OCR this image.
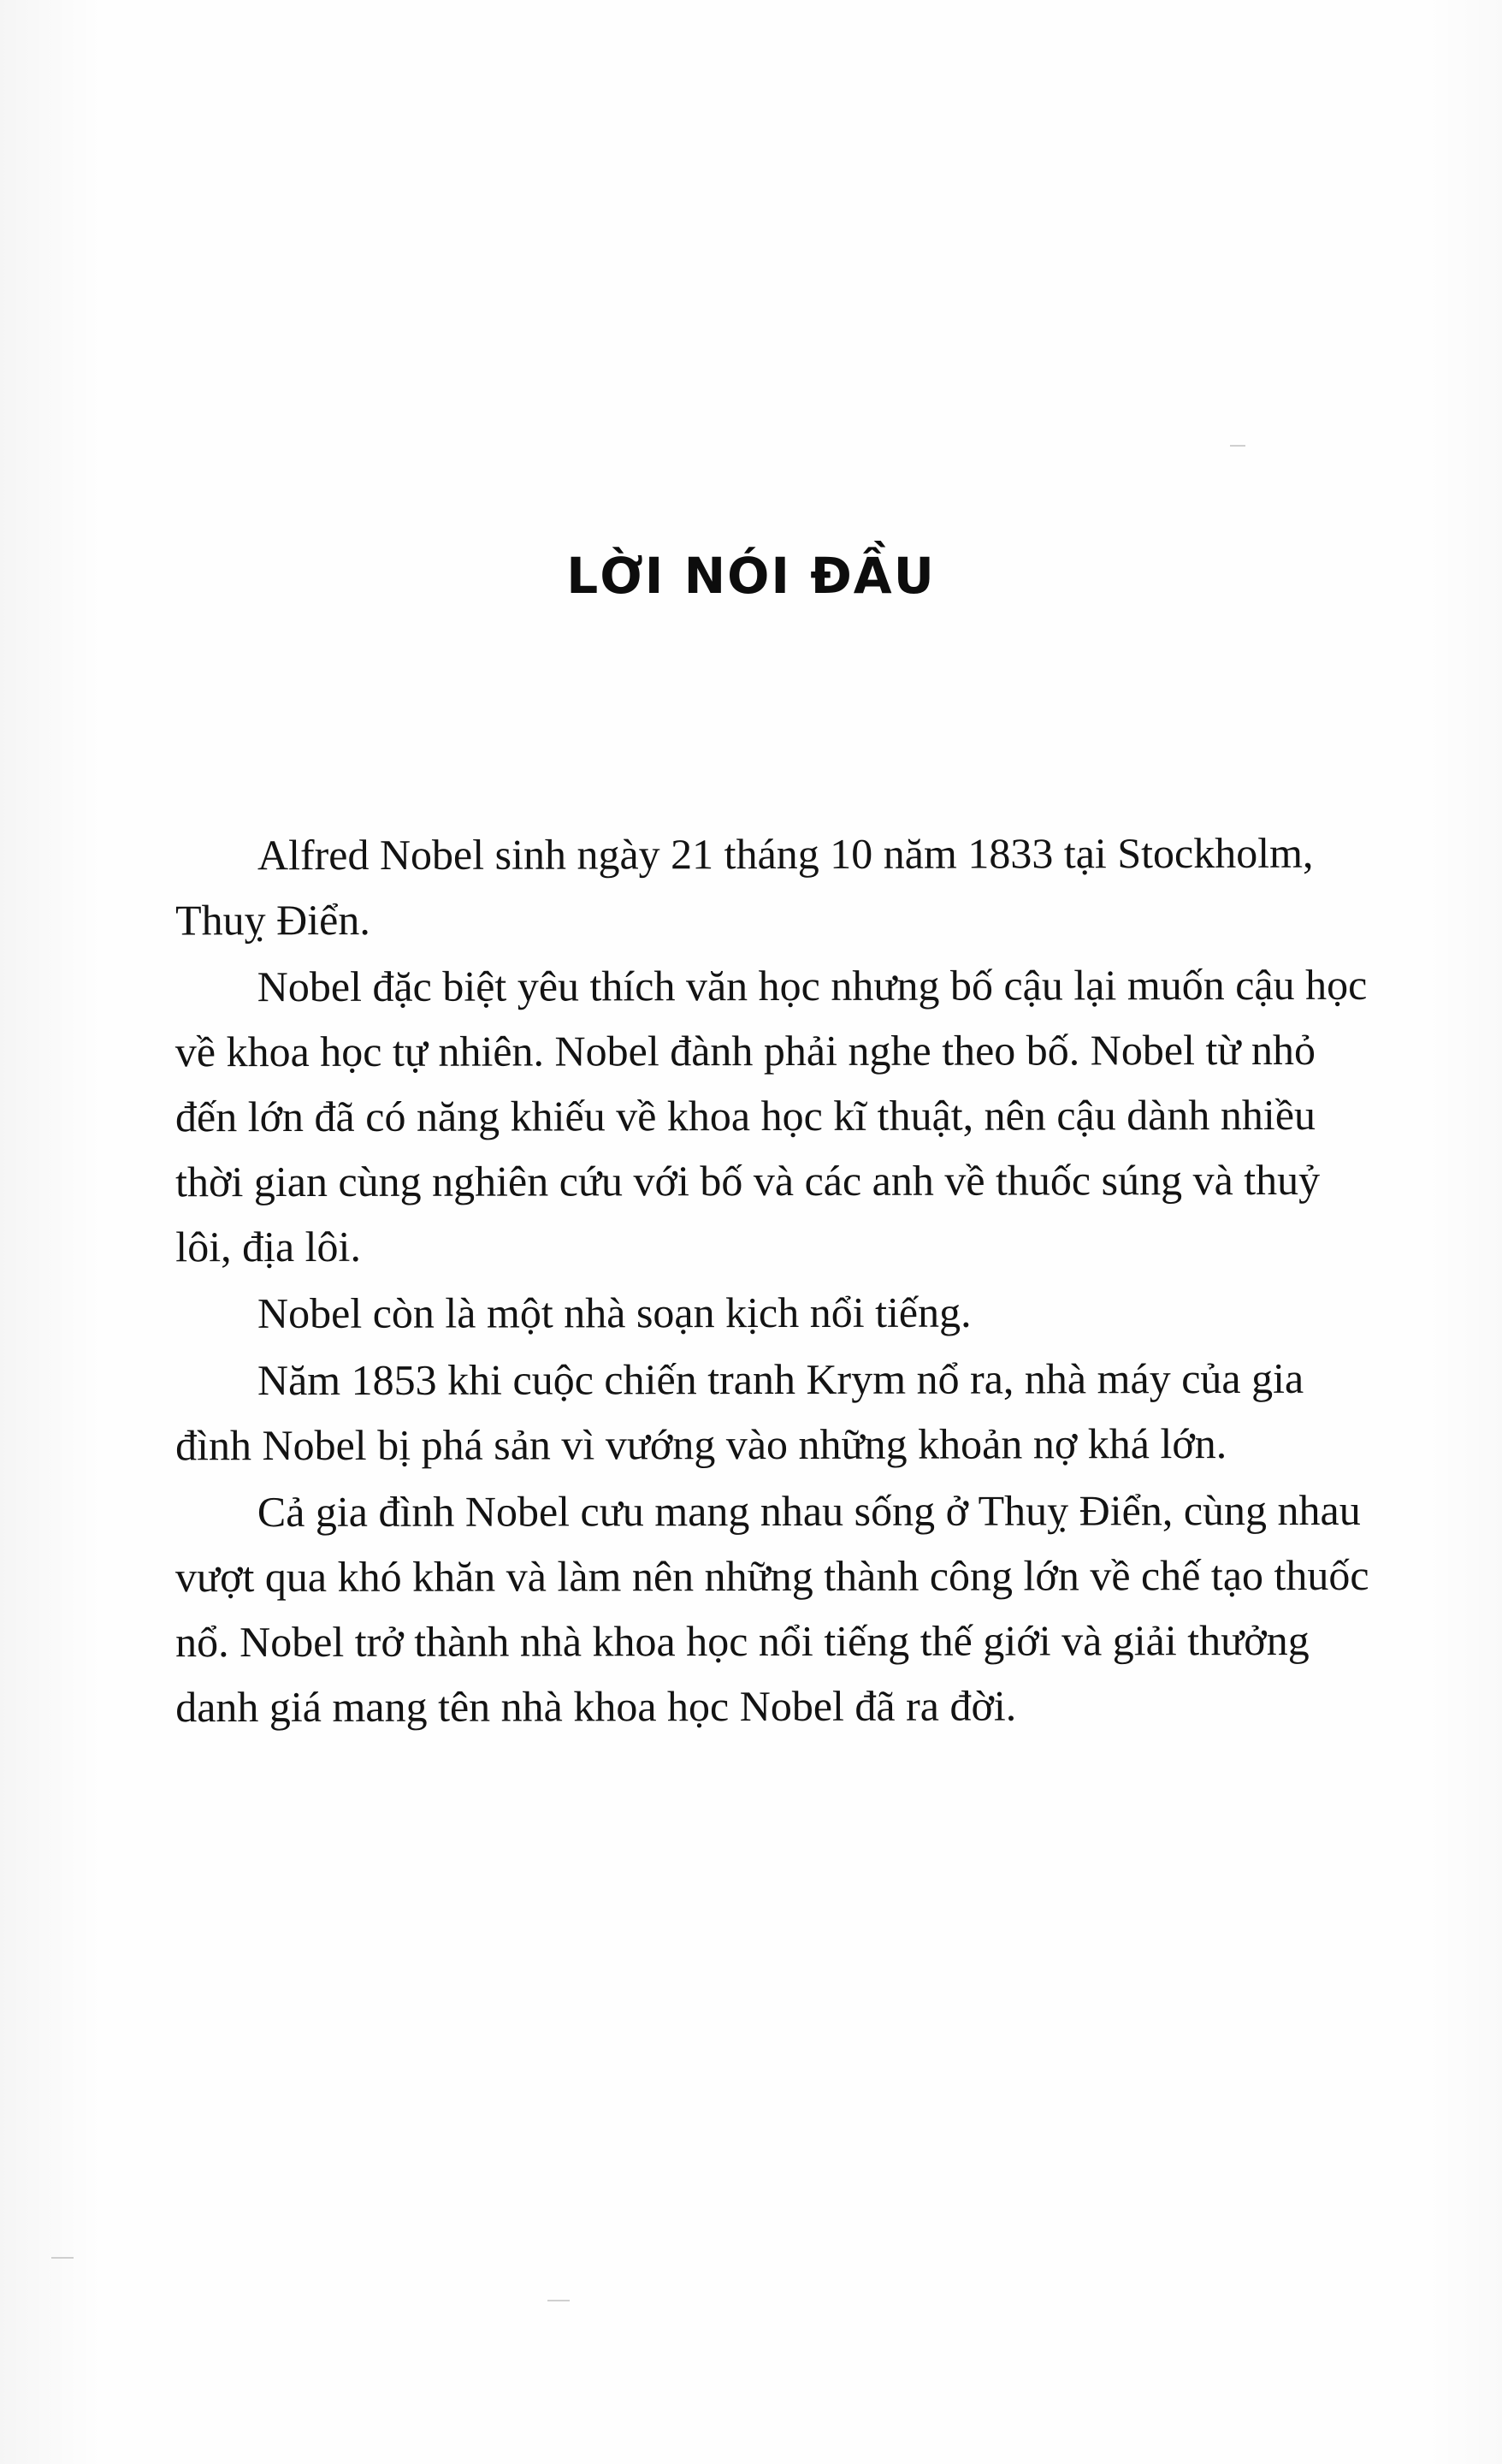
LỜI NÓI ĐẦU

Alfred Nobel sinh ngày 21 tháng 10 năm 1833 tại Stockholm, Thuỵ Điển.

Nobel đặc biệt yêu thích văn học nhưng bố cậu lại muốn cậu học về khoa học tự nhiên. Nobel đành phải nghe theo bố. Nobel từ nhỏ đến lớn đã có năng khiếu về khoa học kĩ thuật, nên cậu dành nhiều thời gian cùng nghiên cứu với bố và các anh về thuốc súng và thuỷ lôi, địa lôi.

Nobel còn là một nhà soạn kịch nổi tiếng.

Năm 1853 khi cuộc chiến tranh Krym nổ ra, nhà máy của gia đình Nobel bị phá sản vì vướng vào những khoản nợ khá lớn.

Cả gia đình Nobel cưu mang nhau sống ở Thuỵ Điển, cùng nhau vượt qua khó khăn và làm nên những thành công lớn về chế tạo thuốc nổ. Nobel trở thành nhà khoa học nổi tiếng thế giới và giải thưởng danh giá mang tên nhà khoa học Nobel đã ra đời.
